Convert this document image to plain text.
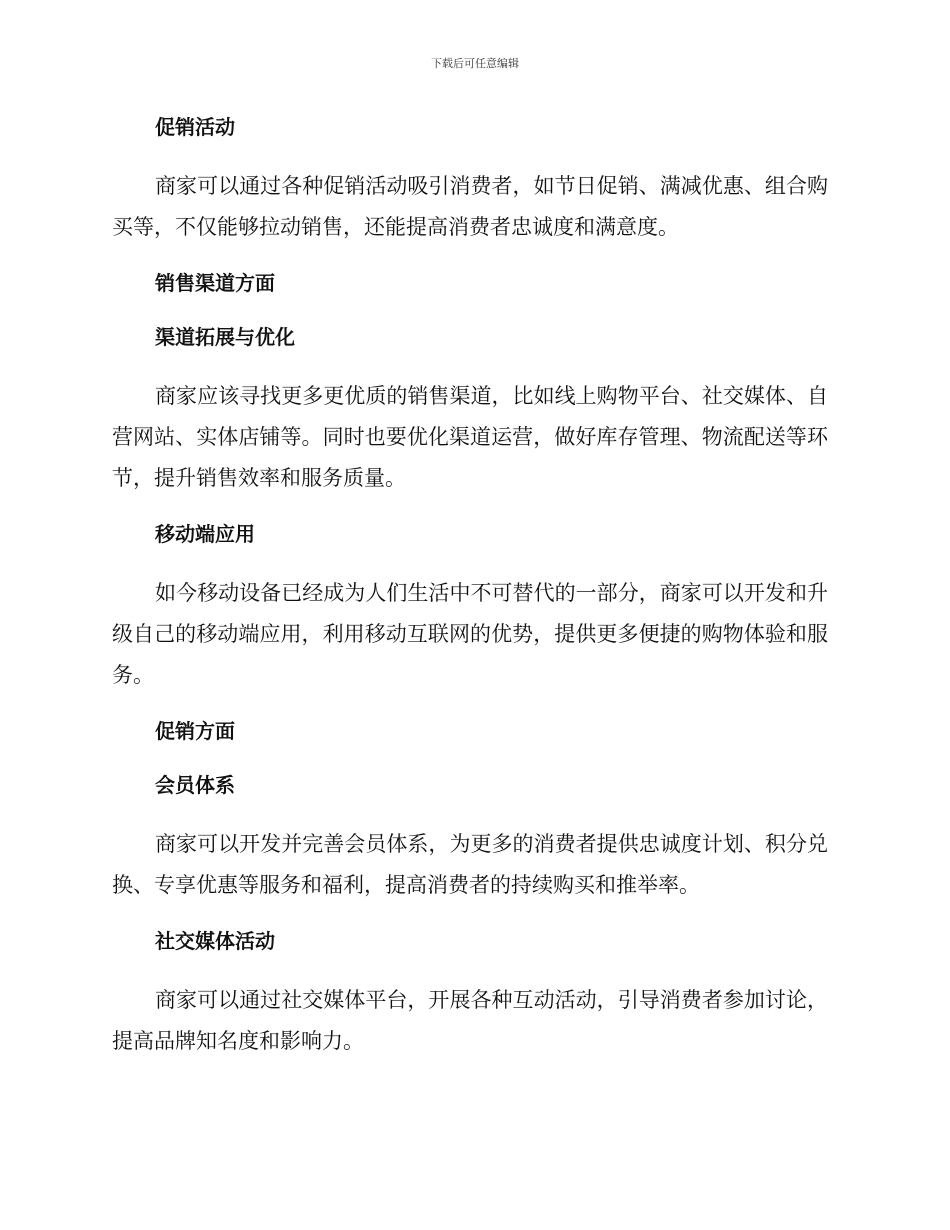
下载后可任意编辑
促销活动

商家可以通过各种促销活动吸引消费者，如节日促销、满减优惠、组合购买等，不仅能够拉动销售，还能提高消费者忠诚度和满意度。

销售渠道方面
渠道拓展与优化

商家应该寻找更多更优质的销售渠道，比如线上购物平台、社交媒体、自营网站、实体店铺等。同时也要优化渠道运营，做好库存管理、物流配送等环节，提升销售效率和服务质量。

移动端应用

如今移动设备已经成为人们生活中不可替代的一部分，商家可以开发和升级自己的移动端应用，利用移动互联网的优势，提供更多便捷的购物体验和服务。

促销方面
会员体系

商家可以开发并完善会员体系，为更多的消费者提供忠诚度计划、积分兑换、专享优惠等服务和福利，提高消费者的持续购买和推举率。

社交媒体活动

商家可以通过社交媒体平台，开展各种互动活动，引导消费者参加讨论，提高品牌知名度和影响力。
